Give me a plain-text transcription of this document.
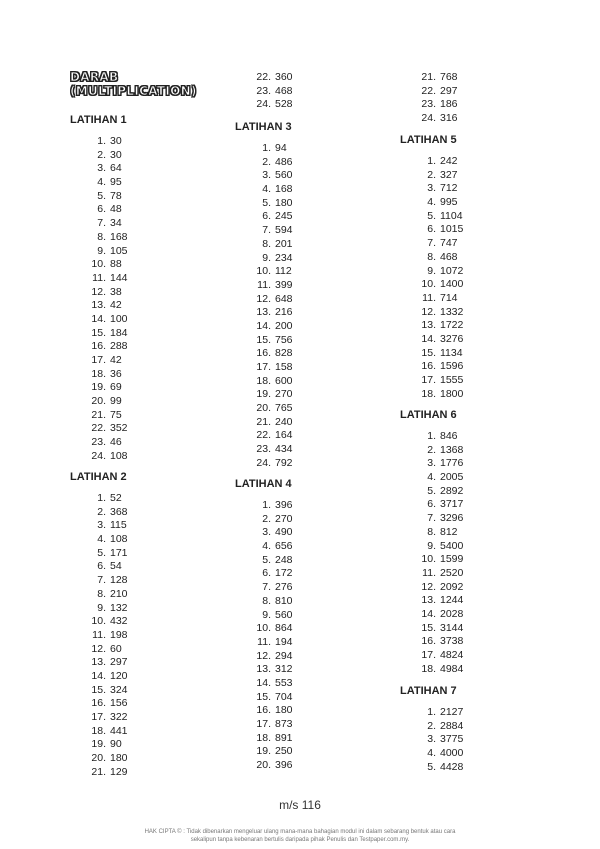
DARAB
(MULTIPLICATION)
LATIHAN 1
1. 30
2. 30
3. 64
4. 95
5. 78
6. 48
7. 34
8. 168
9. 105
10. 88
11. 144
12. 38
13. 42
14. 100
15. 184
16. 288
17. 42
18. 36
19. 69
20. 99
21. 75
22. 352
23. 46
24. 108
LATIHAN 2
1. 52
2. 368
3. 115
4. 108
5. 171
6. 54
7. 128
8. 210
9. 132
10. 432
11. 198
12. 60
13. 297
14. 120
15. 324
16. 156
17. 322
18. 441
19. 90
20. 180
21. 129
22. 360
23. 468
24. 528
LATIHAN 3
1. 94
2. 486
3. 560
4. 168
5. 180
6. 245
7. 594
8. 201
9. 234
10. 112
11. 399
12. 648
13. 216
14. 200
15. 756
16. 828
17. 158
18. 600
19. 270
20. 765
21. 240
22. 164
23. 434
24. 792
LATIHAN 4
1. 396
2. 270
3. 490
4. 656
5. 248
6. 172
7. 276
8. 810
9. 560
10. 864
11. 194
12. 294
13. 312
14. 553
15. 704
16. 180
17. 873
18. 891
19. 250
20. 396
21. 768
22. 297
23. 186
24. 316
LATIHAN 5
1. 242
2. 327
3. 712
4. 995
5. 1104
6. 1015
7. 747
8. 468
9. 1072
10. 1400
11. 714
12. 1332
13. 1722
14. 3276
15. 1134
16. 1596
17. 1555
18. 1800
LATIHAN 6
1. 846
2. 1368
3. 1776
4. 2005
5. 2892
6. 3717
7. 3296
8. 812
9. 5400
10. 1599
11. 2520
12. 2092
13. 1244
14. 2028
15. 3144
16. 3738
17. 4824
18. 4984
LATIHAN 7
1. 2127
2. 2884
3. 3775
4. 4000
5. 4428
m/s 116
HAK CIPTA © : Tidak dibenarkan mengeluar ulang mana-mana bahagian modul ini dalam sebarang bentuk atau cara sekalipun tanpa kebenaran bertulis daripada pihak Penulis dan Testpaper.com.my.
